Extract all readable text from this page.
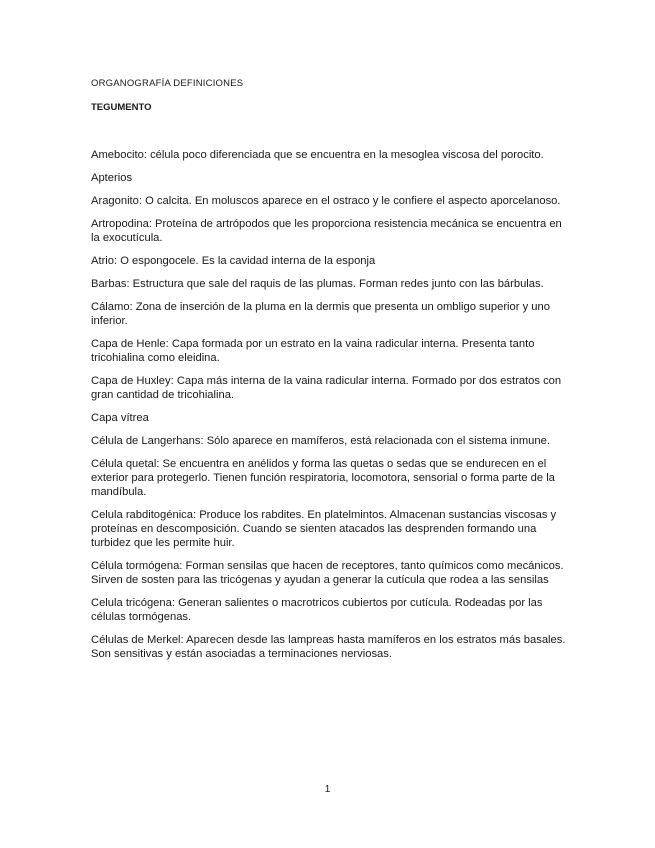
ORGANOGRAFÍA DEFINICIONES
TEGUMENTO

Amebocito: célula poco diferenciada que se encuentra en la mesoglea viscosa del porocito.

Apterios

Aragonito: O calcita. En moluscos aparece en el ostraco y le confiere el aspecto aporcelanoso.

Artropodina: Proteína de artrópodos que les proporciona resistencia mecánica se encuentra en la exocutícula.

Atrio: O espongocele. Es la cavidad interna de la esponja

Barbas: Estructura que sale del raquis de las plumas. Forman redes junto con las bárbulas.

Cálamo: Zona de inserción de la pluma en la dermis que presenta un ombligo superior y uno inferior.

Capa de Henle: Capa formada por un estrato en la vaina radicular interna. Presenta tanto tricohialina como eleidina.

Capa de Huxley: Capa más interna de la vaina radicular interna. Formado por dos estratos con gran cantidad de tricohialina.

Capa vítrea

Célula de Langerhans: Sólo aparece en mamíferos, está relacionada con el sistema inmune.

Célula quetal: Se encuentra en anélidos y forma las quetas o sedas que se endurecen en el exterior para protegerlo. Tienen función respiratoria, locomotora, sensorial o forma parte de la mandíbula.

Celula rabditogénica: Produce los rabdites. En platelmintos. Almacenan sustancias viscosas y proteínas en descomposición. Cuando se sienten atacados las desprenden formando una turbidez que les permite huir.

Célula tormógena: Forman sensilas que hacen de receptores, tanto químicos como mecánicos. Sirven de sosten para las tricógenas y ayudan a generar la cutícula que rodea a las sensilas

Celula tricógena: Generan salientes o macrotricos cubiertos por cutícula. Rodeadas por las células tormógenas.

Células de Merkel: Aparecen desde las lampreas hasta mamíferos en los estratos más basales. Son sensitivas y están asociadas a terminaciones nerviosas.

1
